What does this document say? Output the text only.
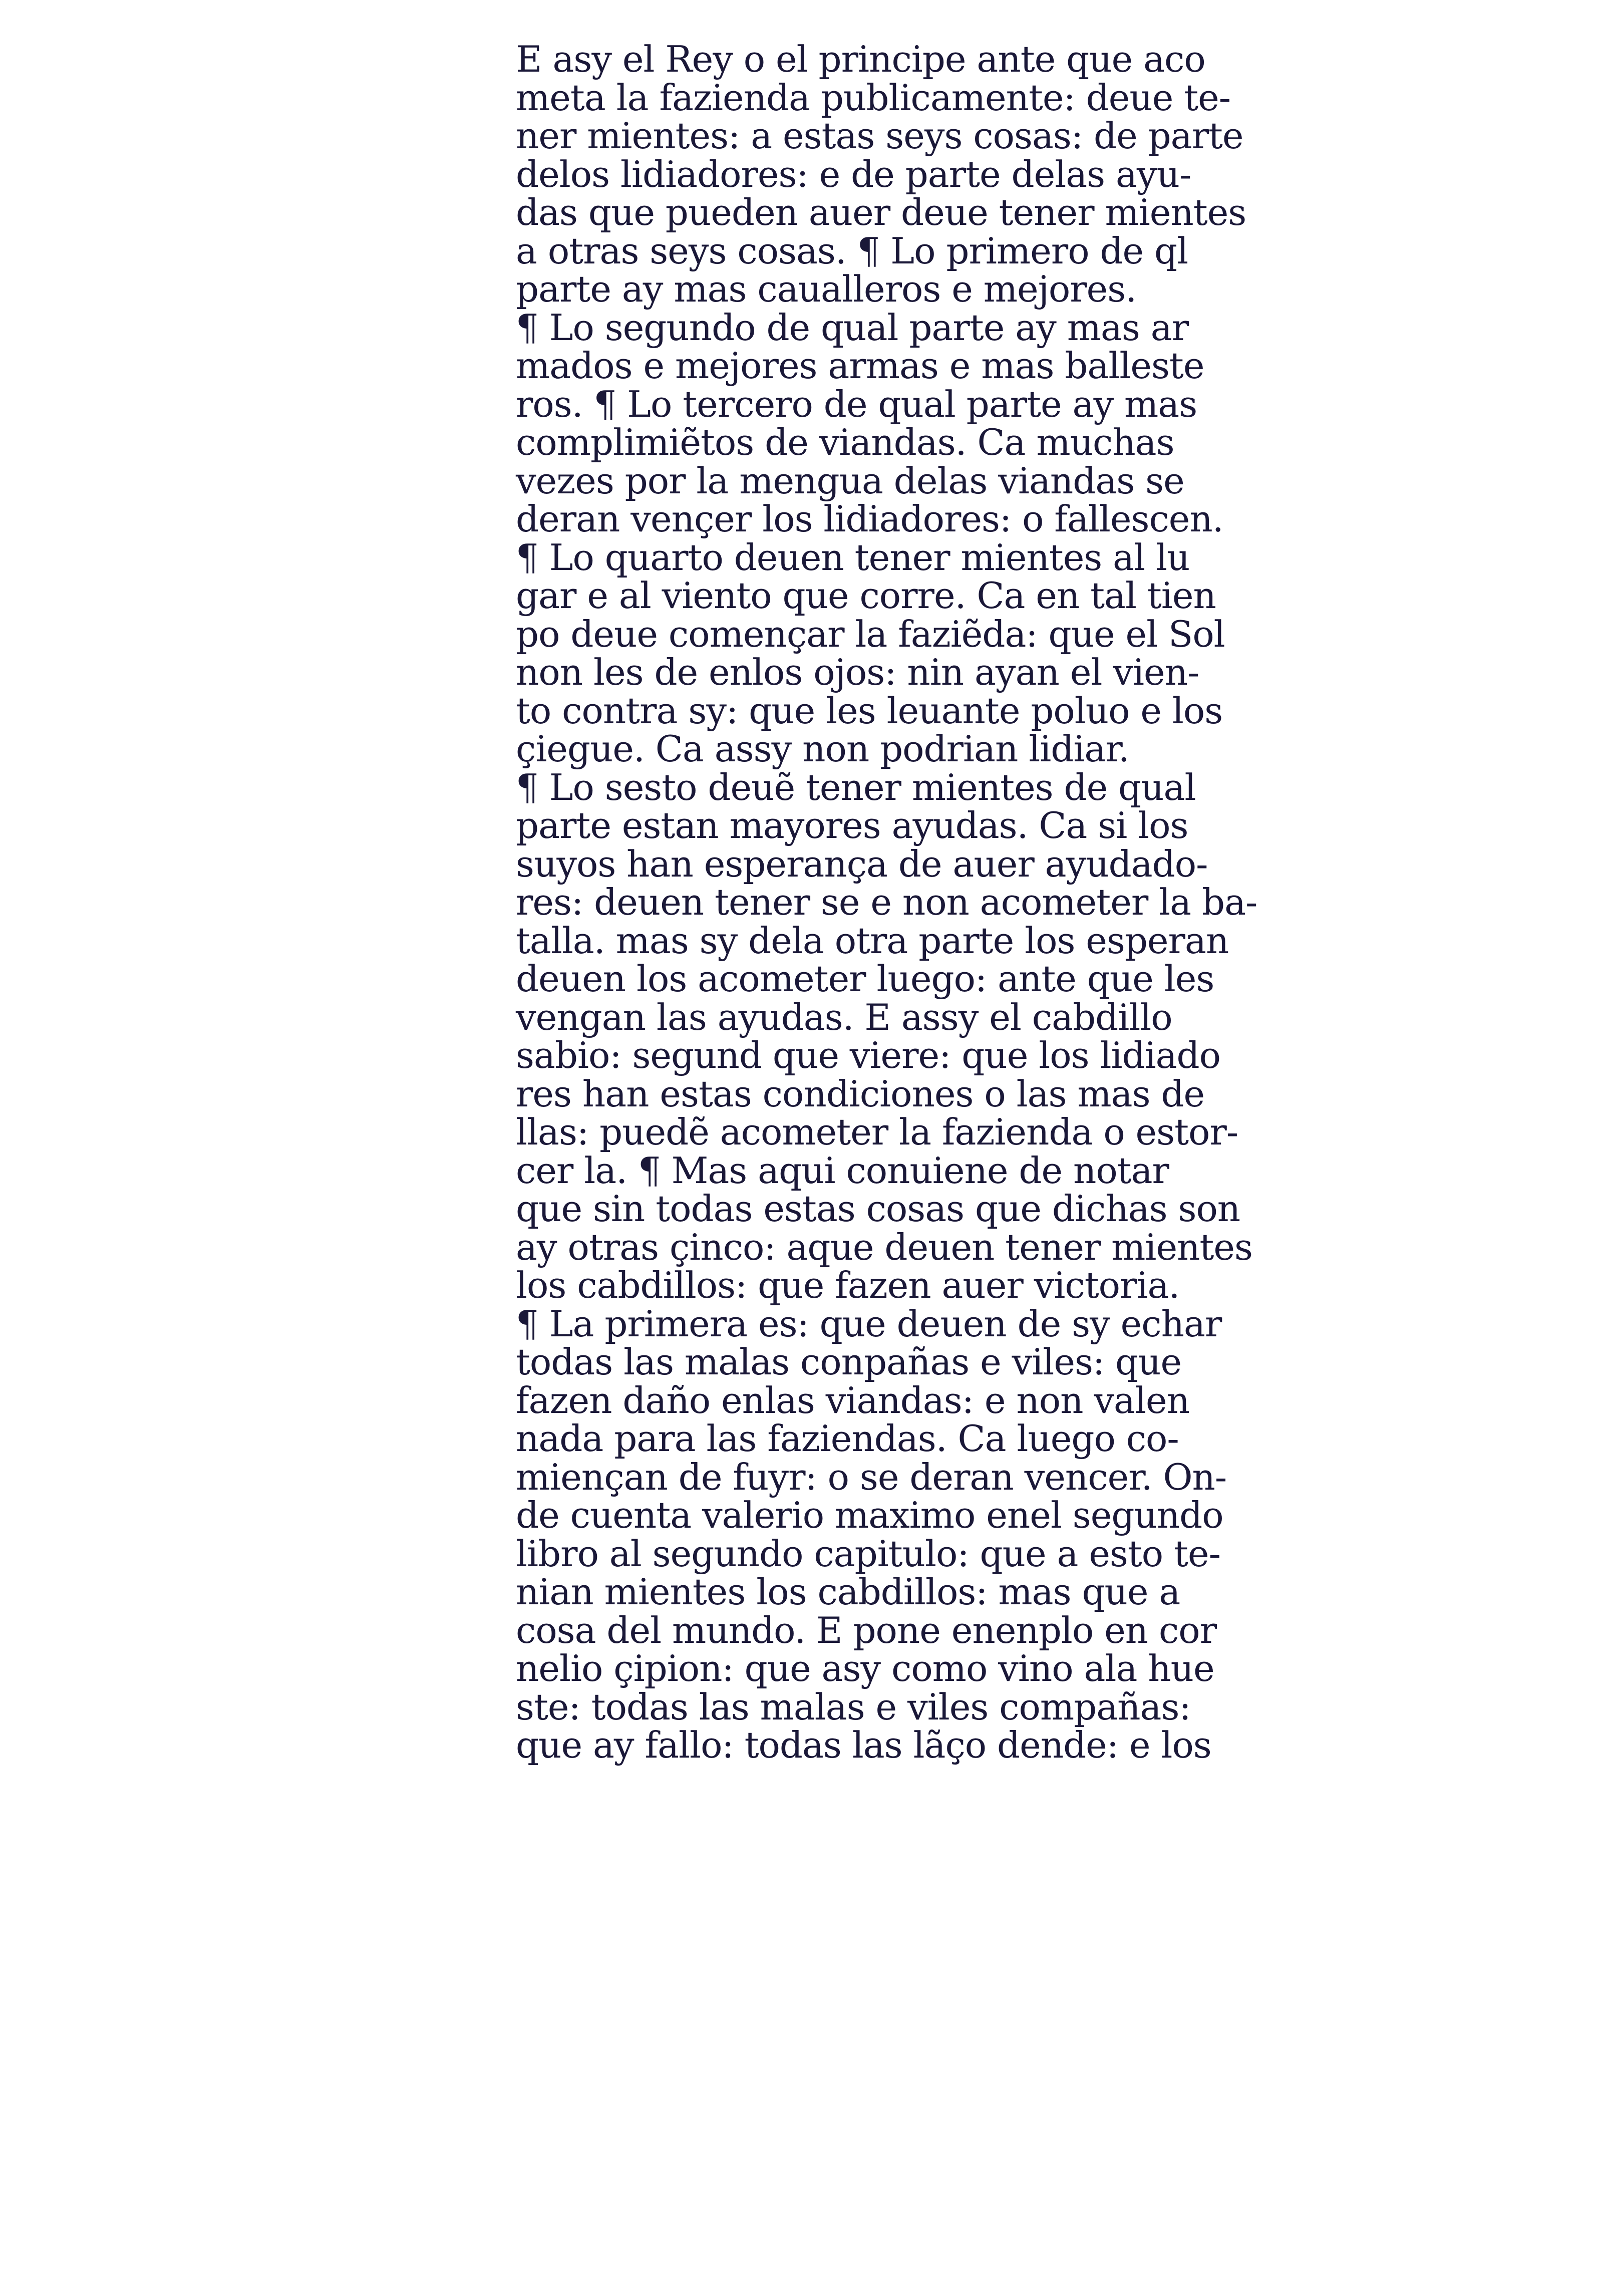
E asy el Rey o el principe ante que aco
meta la fazienda publicamente: deue te-
ner mientes: a estas seys cosas: de parte
delos lidiadores: e de parte delas ayu-
das que pueden auer deue tener mientes
a otras seys cosas. ¶ Lo primero de ql
parte ay mas caualleros e mejores.
¶ Lo segundo de qual parte ay mas ar
mados e mejores armas e mas balleste
ros. ¶ Lo tercero de qual parte ay mas
complimiẽtos de viandas. Ca muchas
vezes por la mengua delas viandas se
deran vençer los lidiadores: o fallescen.
¶ Lo quarto deuen tener mientes al lu
gar e al viento que corre. Ca en tal tien
po deue començar la faziẽda: que el Sol
non les de enlos ojos: nin ayan el vien-
to contra sy: que les leuante poluo e los
çiegue. Ca assy non podrian lidiar.
¶ Lo sesto deuẽ tener mientes de qual
parte estan mayores ayudas. Ca si los
suyos han esperança de auer ayudado-
res: deuen tener se e non acometer la ba-
talla. mas sy dela otra parte los esperan
deuen los acometer luego: ante que les
vengan las ayudas. E assy el cabdillo
sabio: segund que viere: que los lidiado
res han estas condiciones o las mas de
llas: puedẽ acometer la fazienda o estor-
cer la. ¶ Mas aqui conuiene de notar
que sin todas estas cosas que dichas son
ay otras çinco: aque deuen tener mientes
los cabdillos: que fazen auer victoria.
¶ La primera es: que deuen de sy echar
todas las malas conpañas e viles: que
fazen daño enlas viandas: e non valen
nada para las faziendas. Ca luego co-
miençan de fuyr: o se deran vencer. On-
de cuenta valerio maximo enel segundo
libro al segundo capitulo: que a esto te-
nian mientes los cabdillos: mas que a
cosa del mundo. E pone enenplo en cor
nelio çipion: que asy como vino ala hue
ste: todas las malas e viles compañas:
que ay fallo: todas las lãço dende: e los
